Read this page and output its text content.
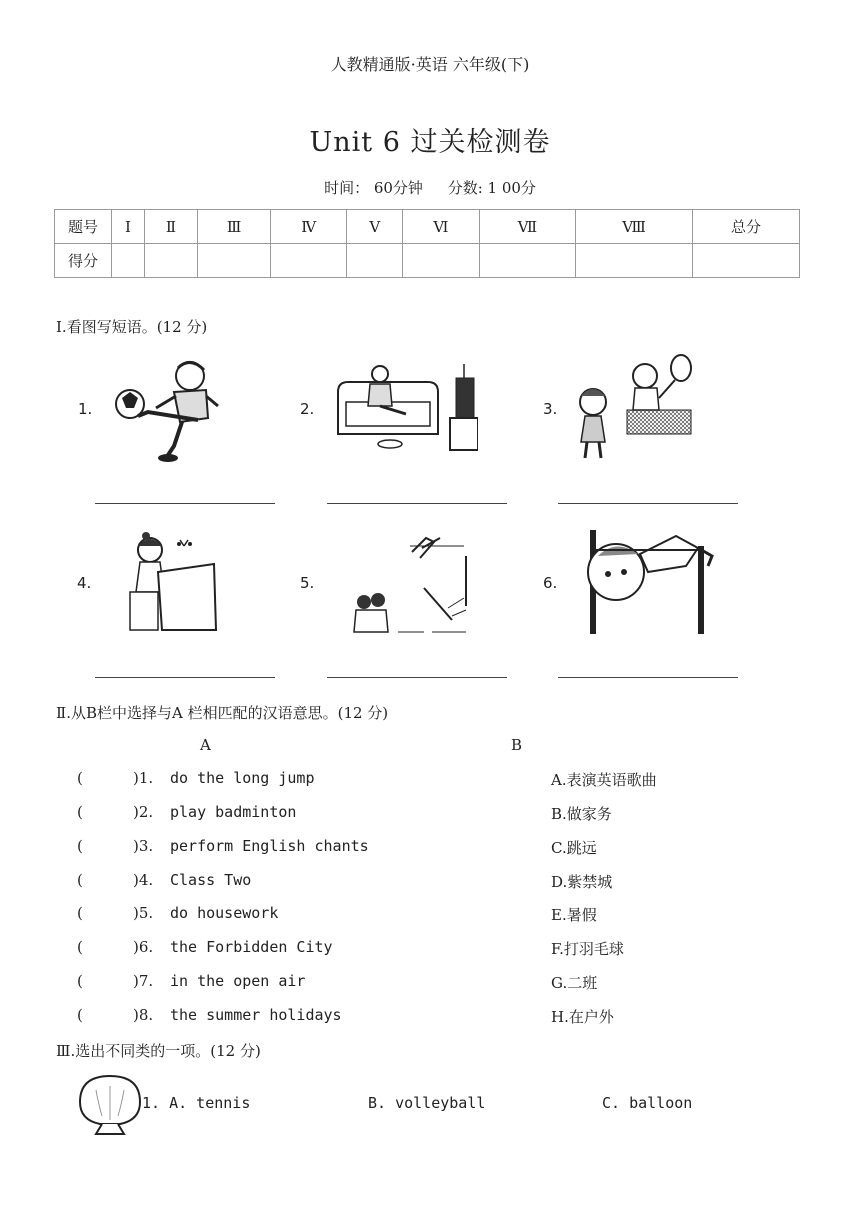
人教精通版·英语 六年级(下)
Unit 6 过关检测卷
时间： 60分钟 分数: 1 00分
题号	Ⅰ	Ⅱ	Ⅲ	Ⅳ	Ⅴ	Ⅵ	Ⅶ	Ⅷ	总分
得分									
Ⅰ.看图写短语。(12 分)
1.	2.	3.
4.	5.	6.
Ⅱ.从B栏中选择与A 栏相匹配的汉语意思。(12 分)
A	B
(	)1. do the long jump	A.表演英语歌曲
(	)2. play badminton	B.做家务
(	)3. perform English chants	C.跳远
(	)4. Class Two	D.紫禁城
(	)5. do housework	E.暑假
(	)6. the Forbidden City	F.打羽毛球
(	)7. in the open air	G.二班
(	)8. the summer holidays	H.在户外
Ⅲ.选出不同类的一项。(12 分)
1. A. tennis	B. volleyball	C. balloon
